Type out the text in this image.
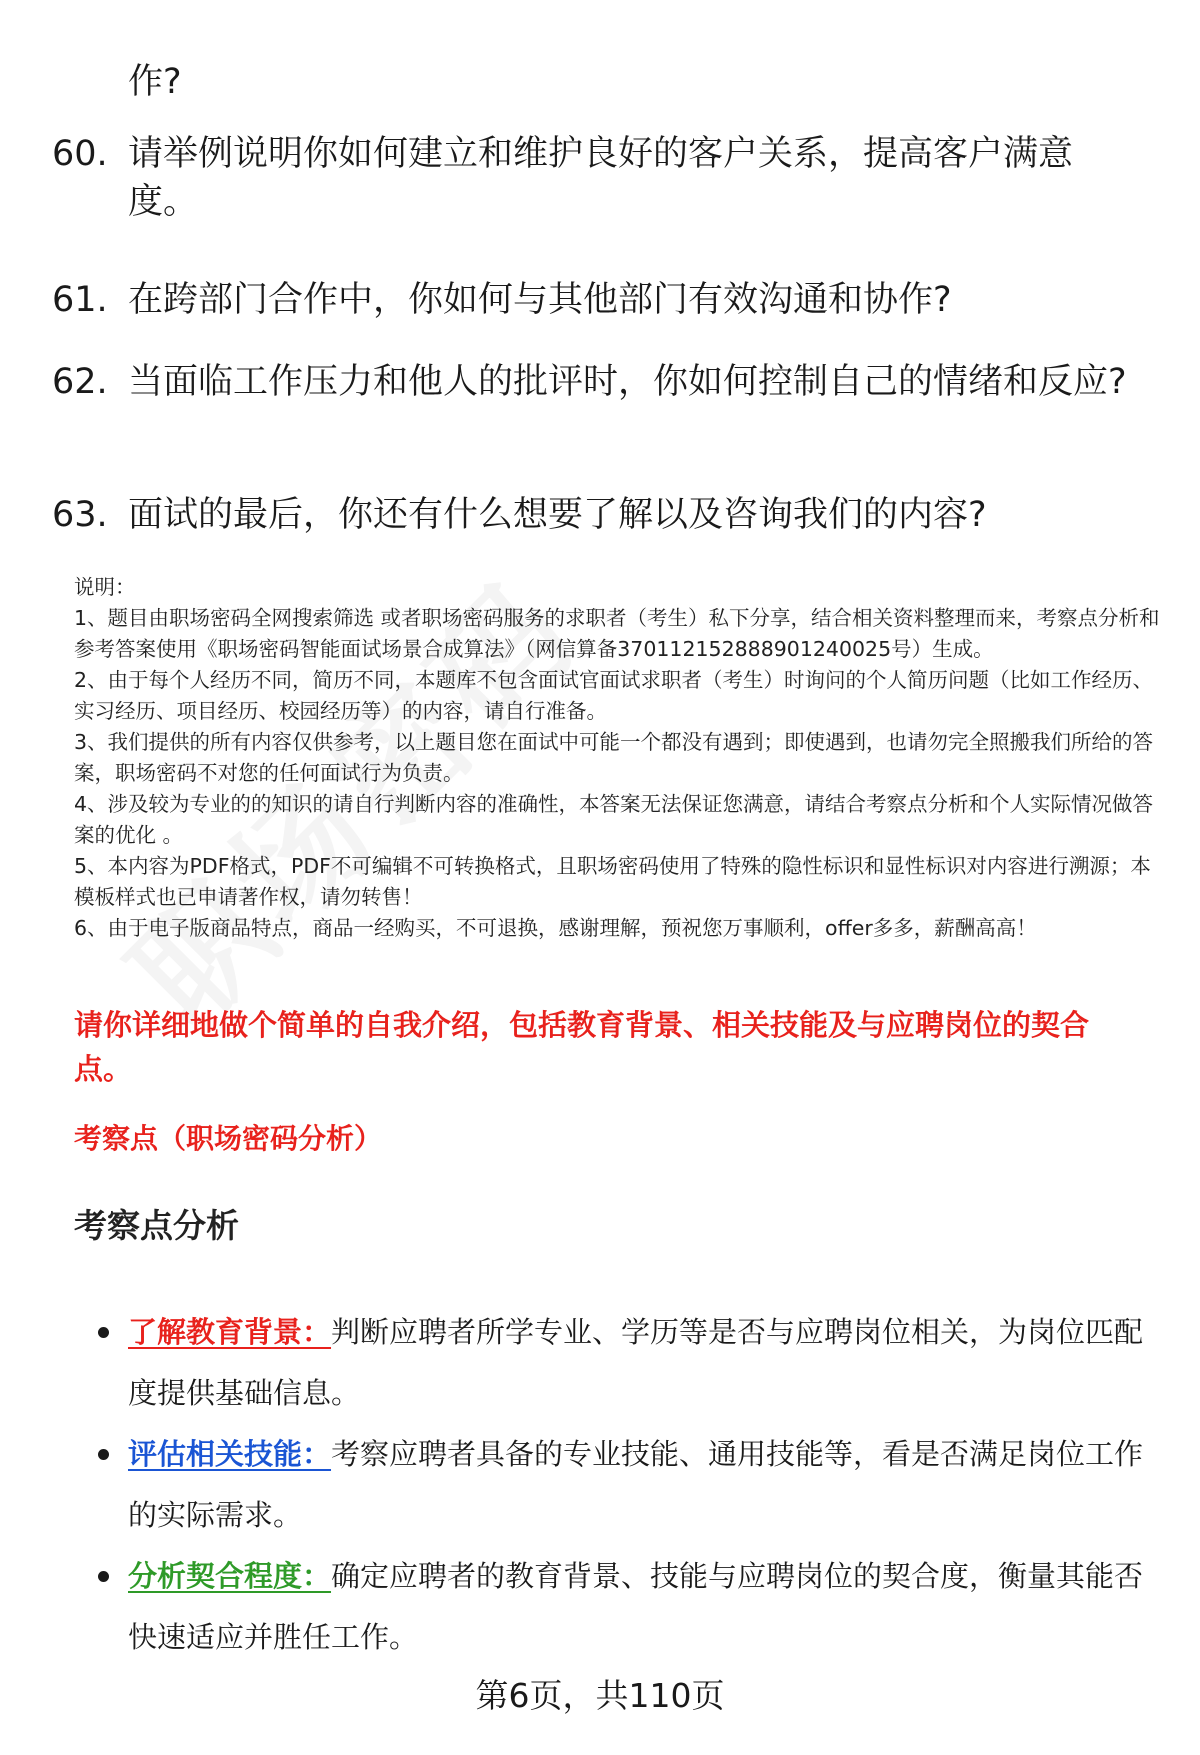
作?
60. 请举例说明你如何建立和维护良好的客户关系，提高客户满意度。
61. 在跨部门合作中，你如何与其他部门有效沟通和协作?
62. 当面临工作压力和他人的批评时，你如何控制自己的情绪和反应?
63. 面试的最后，你还有什么想要了解以及咨询我们的内容?

说明：

1、题目由职场密码全网搜索筛选 或者职场密码服务的求职者（考生）私下分享，结合相关资料整理而来，考察点分析和参考答案使用《职场密码智能面试场景合成算法》（网信算备370112152888901240025号）生成。

2、由于每个人经历不同，简历不同，本题库不包含面试官面试求职者（考生）时询问的个人简历问题（比如工作经历、实习经历、项目经历、校园经历等）的内容，请自行准备。

3、我们提供的所有内容仅供参考，以上题目您在面试中可能一个都没有遇到；即使遇到，也请勿完全照搬我们所给的答案，职场密码不对您的任何面试行为负责。

4、涉及较为专业的的知识的请自行判断内容的准确性，本答案无法保证您满意，请结合考察点分析和个人实际情况做答案的优化 。

5、本内容为PDF格式，PDF不可编辑不可转换格式，且职场密码使用了特殊的隐性标识和显性标识对内容进行溯源；本模板样式也已申请著作权，请勿转售！

6、由于电子版商品特点，商品一经购买，不可退换，感谢理解，预祝您万事顺利，offer多多，薪酬高高！

请你详细地做个简单的自我介绍，包括教育背景、相关技能及与应聘岗位的契合点。
考察点（职场密码分析）
考察点分析
了解教育背景：判断应聘者所学专业、学历等是否与应聘岗位相关，为岗位匹配度提供基础信息。
评估相关技能：考察应聘者具备的专业技能、通用技能等，看是否满足岗位工作的实际需求。
分析契合程度：确定应聘者的教育背景、技能与应聘岗位的契合度，衡量其能否快速适应并胜任工作。
第6页，共110页
